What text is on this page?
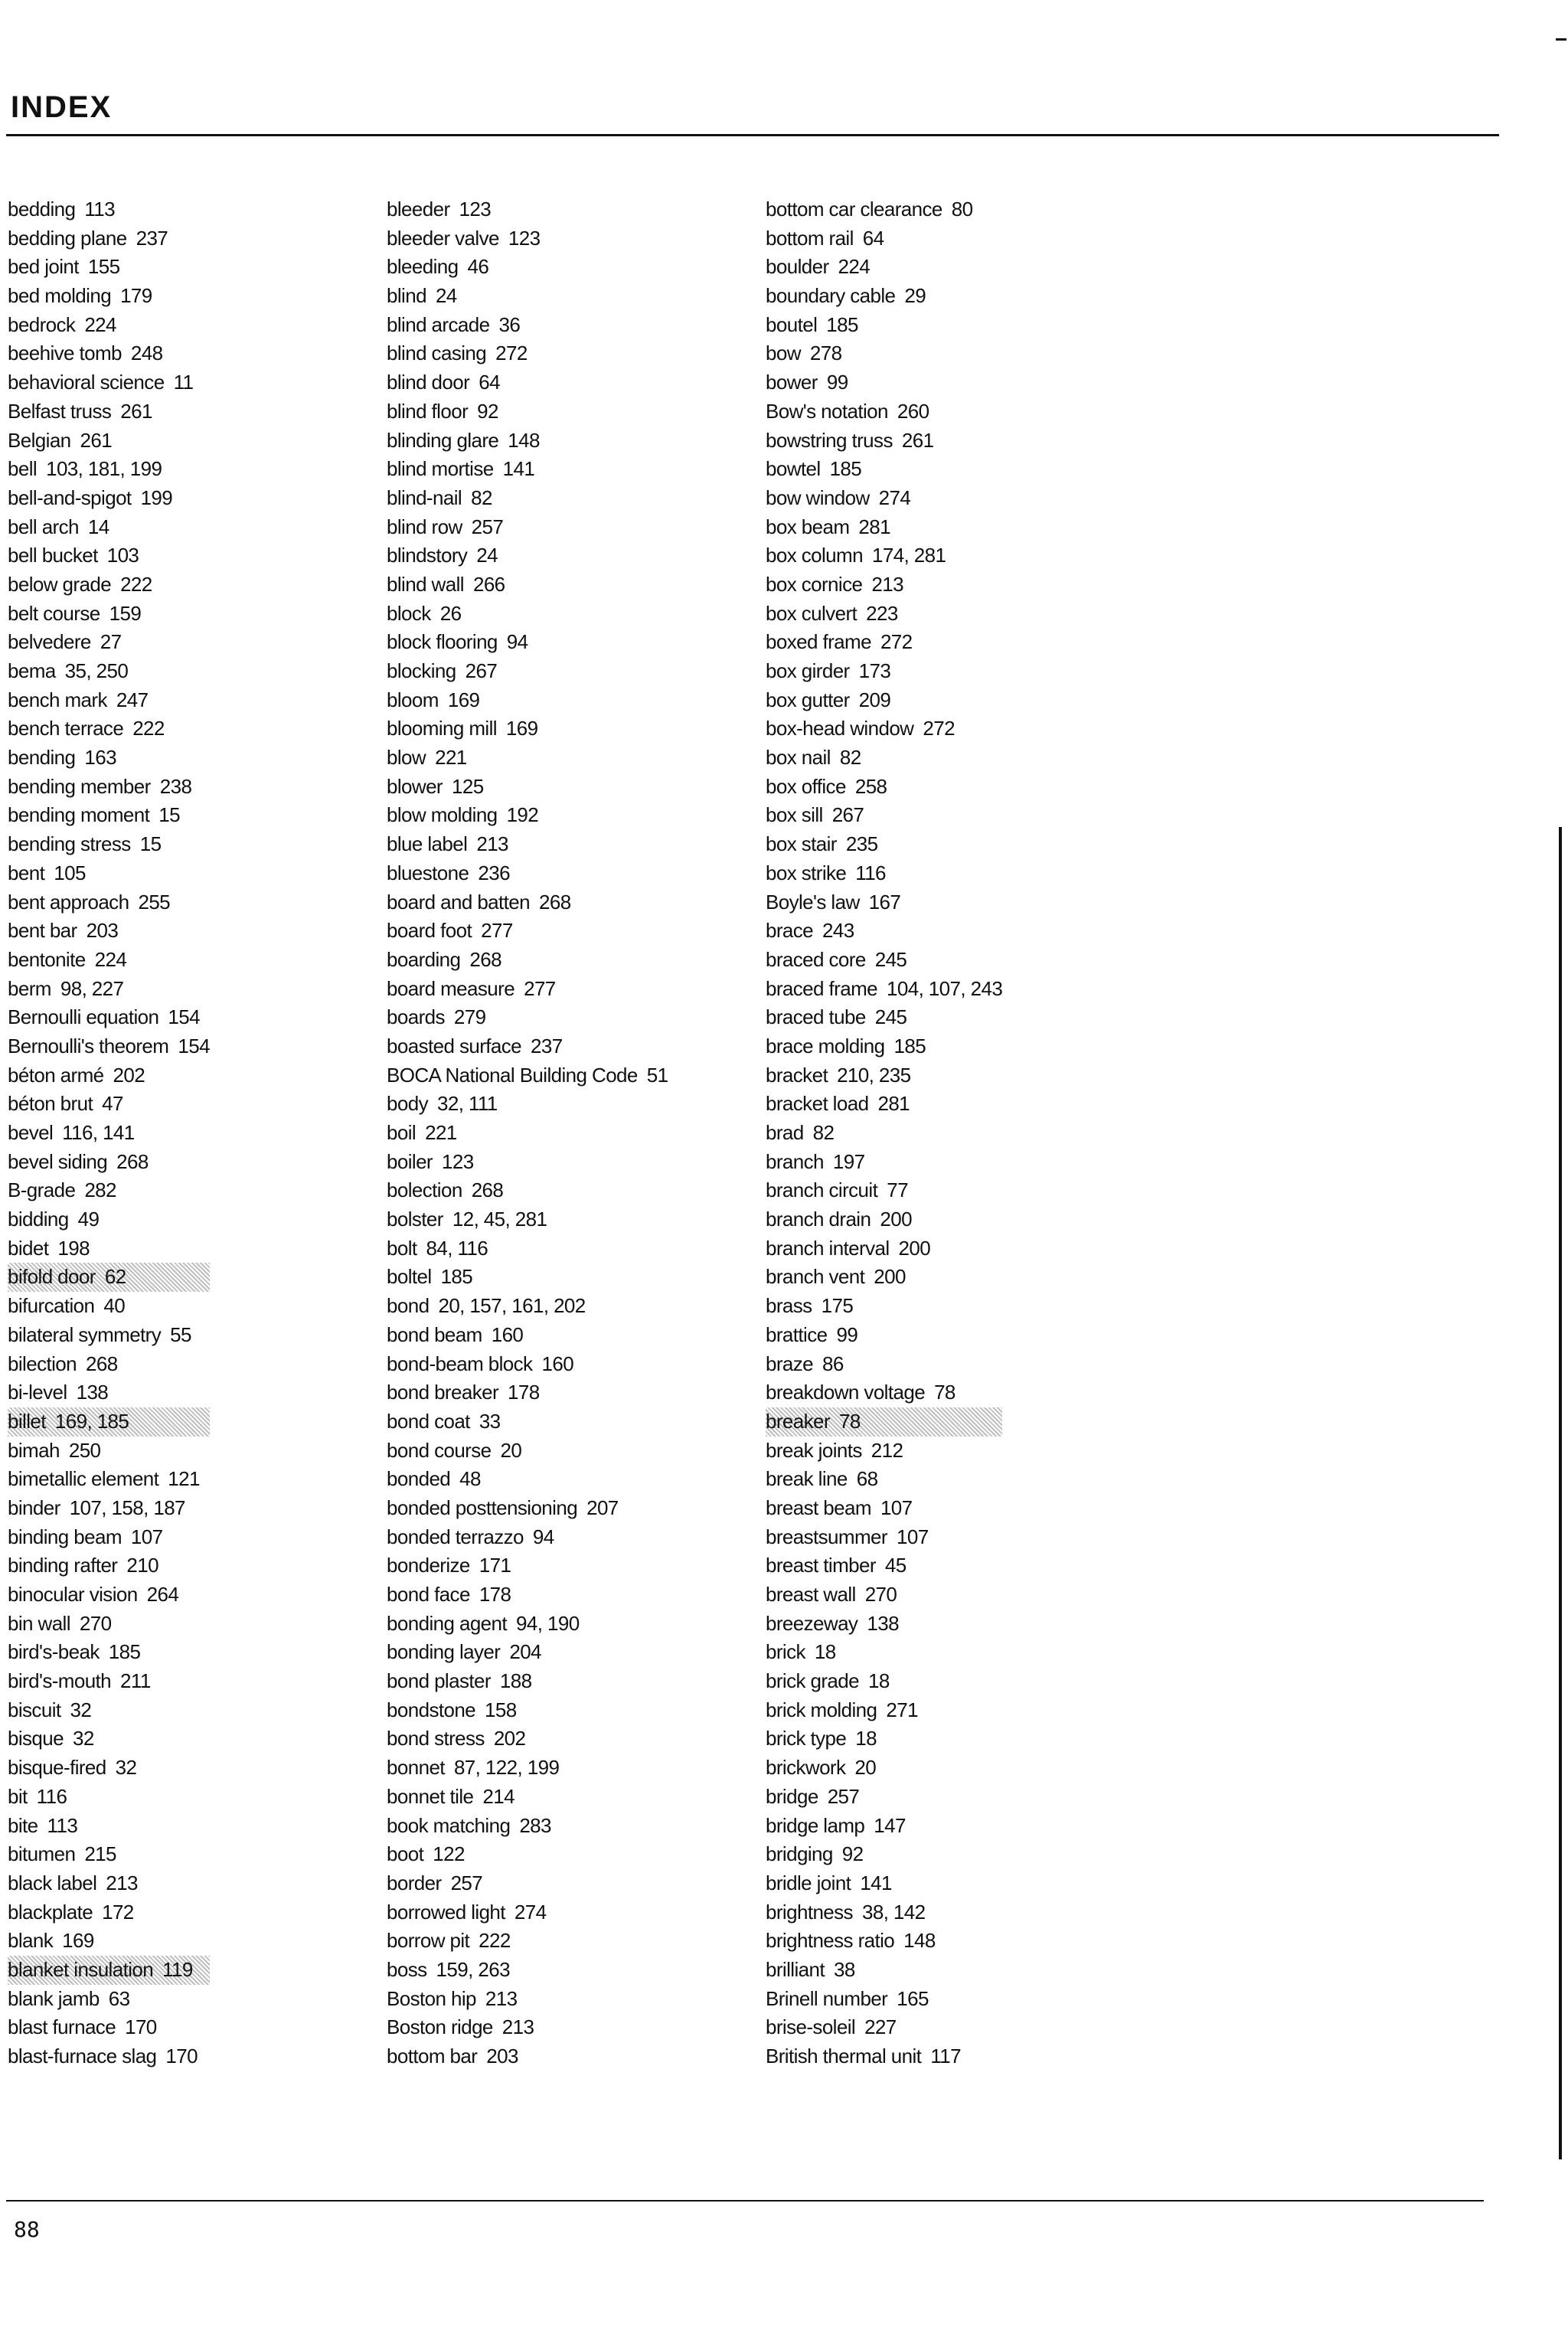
INDEX
bedding 113
bedding plane 237
bed joint 155
bed molding 179
bedrock 224
beehive tomb 248
behavioral science 11
Belfast truss 261
Belgian 261
bell 103, 181, 199
bell-and-spigot 199
bell arch 14
bell bucket 103
below grade 222
belt course 159
belvedere 27
bema 35, 250
bench mark 247
bench terrace 222
bending 163
bending member 238
bending moment 15
bending stress 15
bent 105
bent approach 255
bent bar 203
bentonite 224
berm 98, 227
Bernoulli equation 154
Bernoulli's theorem 154
béton armé 202
béton brut 47
bevel 116, 141
bevel siding 268
B-grade 282
bidding 49
bidet 198
bifold door 62
bifurcation 40
bilateral symmetry 55
bilection 268
bi-level 138
billet 169, 185
bimah 250
bimetallic element 121
binder 107, 158, 187
binding beam 107
binding rafter 210
binocular vision 264
bin wall 270
bird's-beak 185
bird's-mouth 211
biscuit 32
bisque 32
bisque-fired 32
bit 116
bite 113
bitumen 215
black label 213
blackplate 172
blank 169
blanket insulation 119
blank jamb 63
blast furnace 170
blast-furnace slag 170
bleeder 123
bleeder valve 123
bleeding 46
blind 24
blind arcade 36
blind casing 272
blind door 64
blind floor 92
blinding glare 148
blind mortise 141
blind-nail 82
blind row 257
blindstory 24
blind wall 266
block 26
block flooring 94
blocking 267
bloom 169
blooming mill 169
blow 221
blower 125
blow molding 192
blue label 213
bluestone 236
board and batten 268
board foot 277
boarding 268
board measure 277
boards 279
boasted surface 237
BOCA National Building Code 51
body 32, 111
boil 221
boiler 123
bolection 268
bolster 12, 45, 281
bolt 84, 116
boltel 185
bond 20, 157, 161, 202
bond beam 160
bond-beam block 160
bond breaker 178
bond coat 33
bond course 20
bonded 48
bonded posttensioning 207
bonded terrazzo 94
bonderize 171
bond face 178
bonding agent 94, 190
bonding layer 204
bond plaster 188
bondstone 158
bond stress 202
bonnet 87, 122, 199
bonnet tile 214
book matching 283
boot 122
border 257
borrowed light 274
borrow pit 222
boss 159, 263
Boston hip 213
Boston ridge 213
bottom bar 203
bottom car clearance 80
bottom rail 64
boulder 224
boundary cable 29
boutel 185
bow 278
bower 99
Bow's notation 260
bowstring truss 261
bowtel 185
bow window 274
box beam 281
box column 174, 281
box cornice 213
box culvert 223
boxed frame 272
box girder 173
box gutter 209
box-head window 272
box nail 82
box office 258
box sill 267
box stair 235
box strike 116
Boyle's law 167
brace 243
braced core 245
braced frame 104, 107, 243
braced tube 245
brace molding 185
bracket 210, 235
bracket load 281
brad 82
branch 197
branch circuit 77
branch drain 200
branch interval 200
branch vent 200
brass 175
brattice 99
braze 86
breakdown voltage 78
breaker 78
break joints 212
break line 68
breast beam 107
breastsummer 107
breast timber 45
breast wall 270
breezeway 138
brick 18
brick grade 18
brick molding 271
brick type 18
brickwork 20
bridge 257
bridge lamp 147
bridging 92
bridle joint 141
brightness 38, 142
brightness ratio 148
brilliant 38
Brinell number 165
brise-soleil 227
British thermal unit 117
88
